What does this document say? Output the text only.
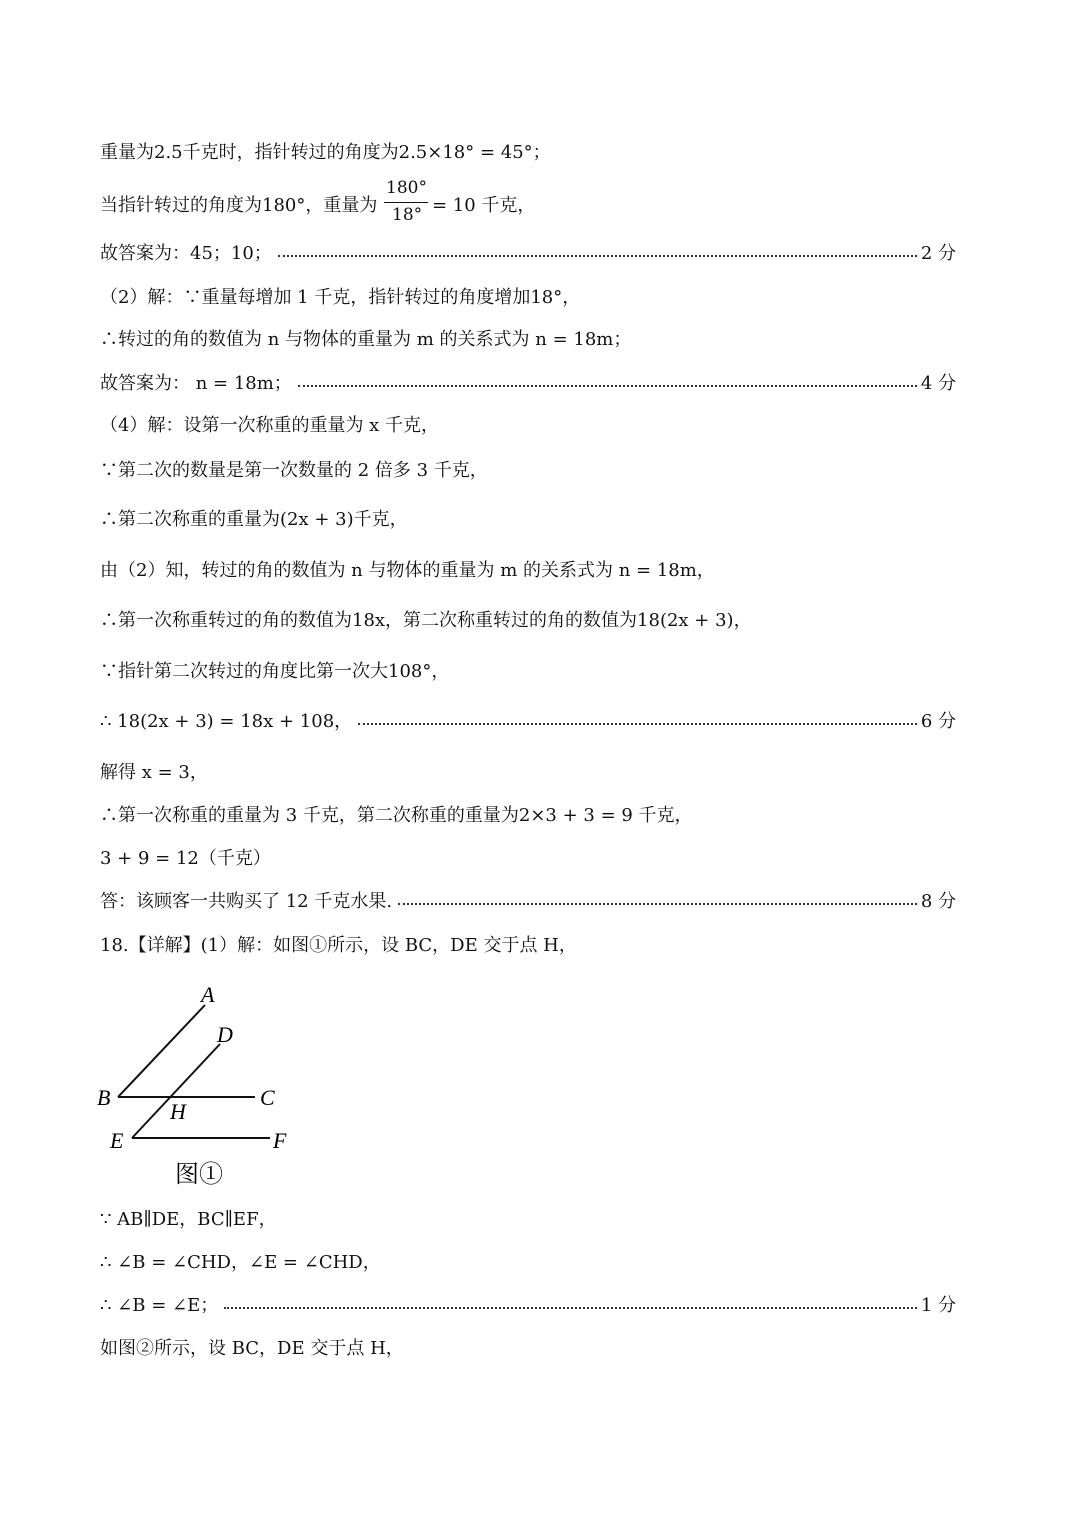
重量为2.5千克时，指针转过的角度为2.5×18° = 45°；
当指针转过的角度为180°，重量为
180°
18° = 10 千克，
故答案为：45；10；	2 分
（2）解：∵重量每增加 1 千克，指针转过的角度增加18°，
∴转过的角的数值为 n 与物体的重量为 m 的关系式为 n = 18m；
故答案为： n = 18m；	4 分
（4）解：设第一次称重的重量为 x 千克，
∵第二次的数量是第一次数量的 2 倍多 3 千克，
∴第二次称重的重量为(2x + 3)千克，
由（2）知，转过的角的数值为 n 与物体的重量为 m 的关系式为 n = 18m，
∴第一次称重转过的角的数值为18x，第二次称重转过的角的数值为18(2x + 3)，
∵指针第二次转过的角度比第一次大108°，
∴ 18(2x + 3) = 18x + 108，	6 分
解得 x = 3，
∴第一次称重的重量为 3 千克，第二次称重的重量为2×3 + 3 = 9 千克，
3 + 9 = 12（千克）
答：该顾客一共购买了 12 千克水果.	8 分
18.【详解】(1）解：如图①所示，设 BC，DE 交于点 H，
A
D
B
H
C
E	F
图①
∵ AB∥DE，BC∥EF，
∴ ∠B = ∠CHD，∠E = ∠CHD，
∴ ∠B = ∠E；	1 分
如图②所示，设 BC，DE 交于点 H，
